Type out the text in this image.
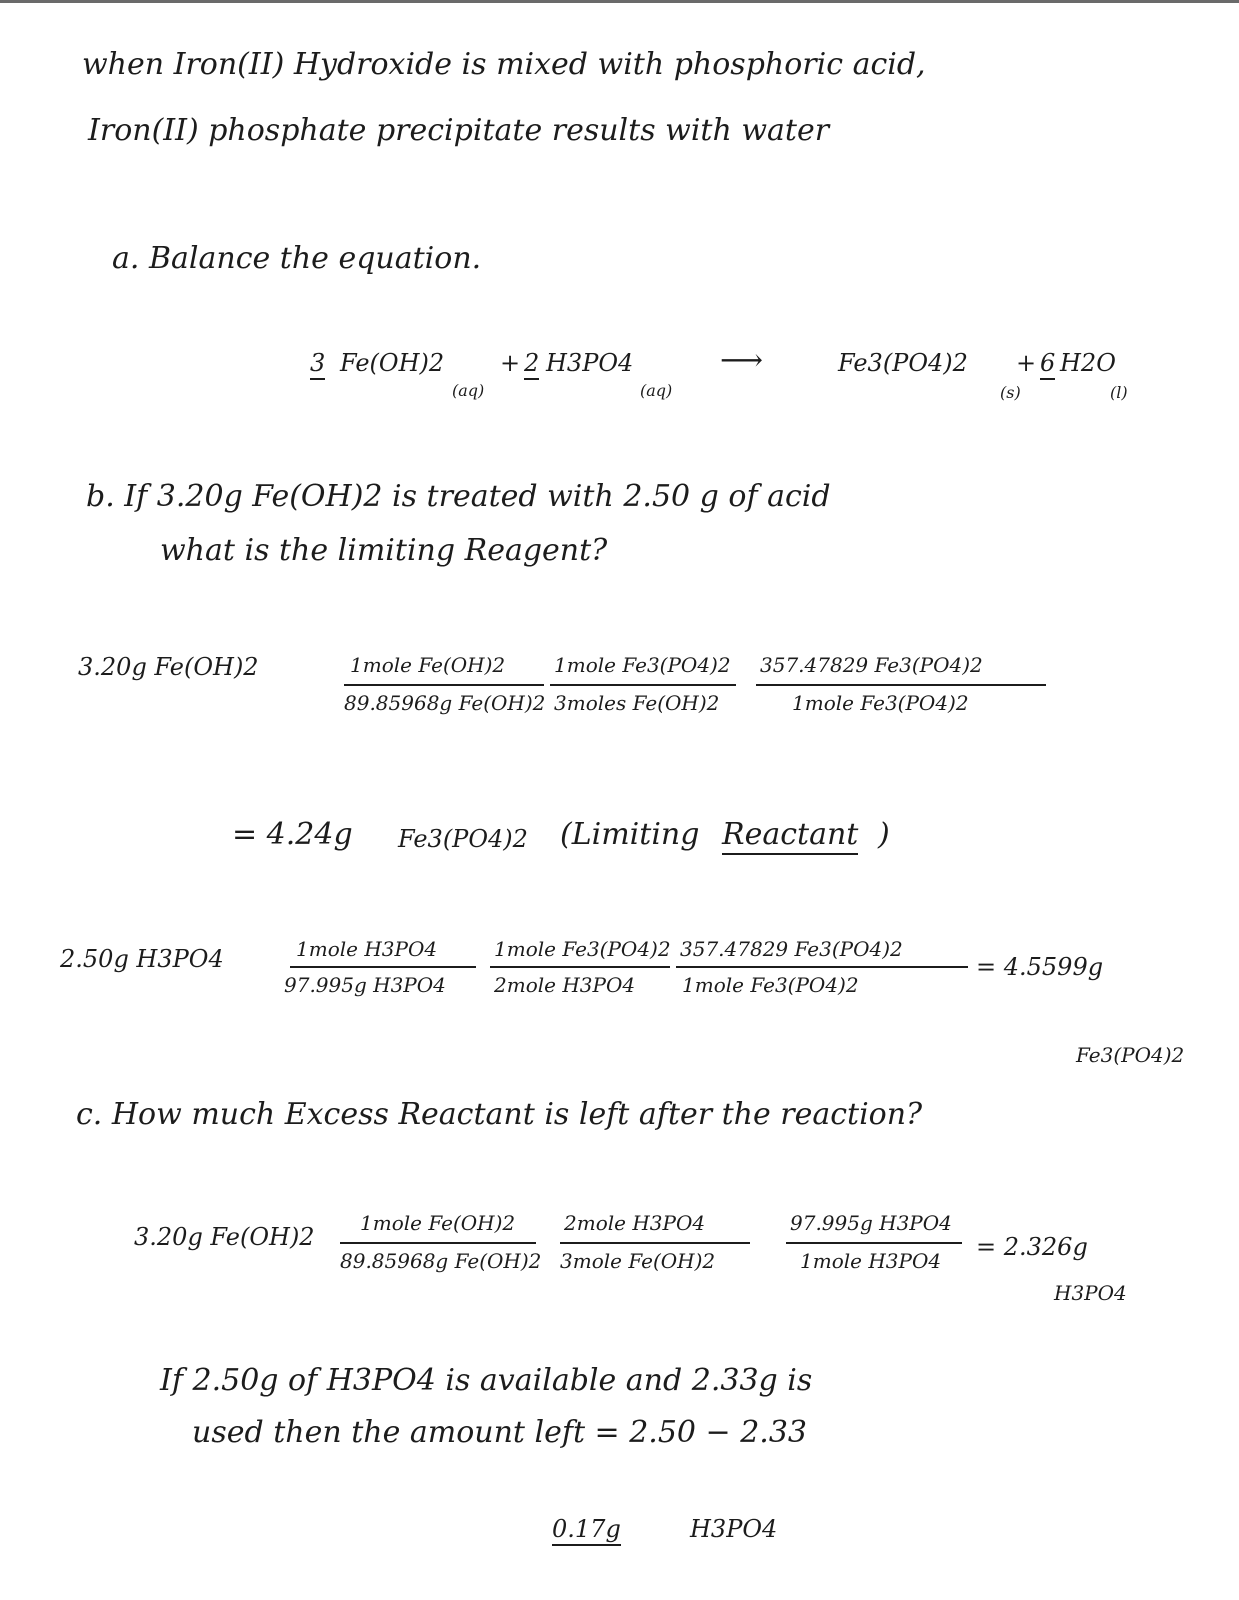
when Iron(II) Hydroxide is mixed with phosphoric acid,
Iron(II) phosphate precipitate results with water
a. Balance the equation.
3 Fe(OH)2
(aq)
+ 2 H3PO4
(aq)
⟶	Fe3(PO4)2
(s)
+ 6 H2O
(l)
b. If 3.20g Fe(OH)2 is treated with 2.50 g of acid
what is the limiting Reagent?
3.20g Fe(OH)2	1mole Fe(OH)2
89.85968g Fe(OH)2
1mole Fe3(PO4)2
3moles Fe(OH)2
357.47829 Fe3(PO4)2
1mole Fe3(PO4)2
= 4.24g Fe3(PO4)2 (Limiting Reactant )
2.50g H3PO4	1mole H3PO4
97.995g H3PO4
1mole Fe3(PO4)2
2mole H3PO4
357.47829 Fe3(PO4)2
1mole Fe3(PO4)2
= 4.5599g
Fe3(PO4)2
c. How much Excess Reactant is left after the reaction?
3.20g Fe(OH)2 1mole Fe(OH)2
89.85968g Fe(OH)2
2mole H3PO4
3mole Fe(OH)2
97.995g H3PO4
1mole H3PO4 = 2.326g
H3PO4
If 2.50g of H3PO4 is available and 2.33g is
used then the amount left = 2.50 − 2.33
0.17g	H3PO4
